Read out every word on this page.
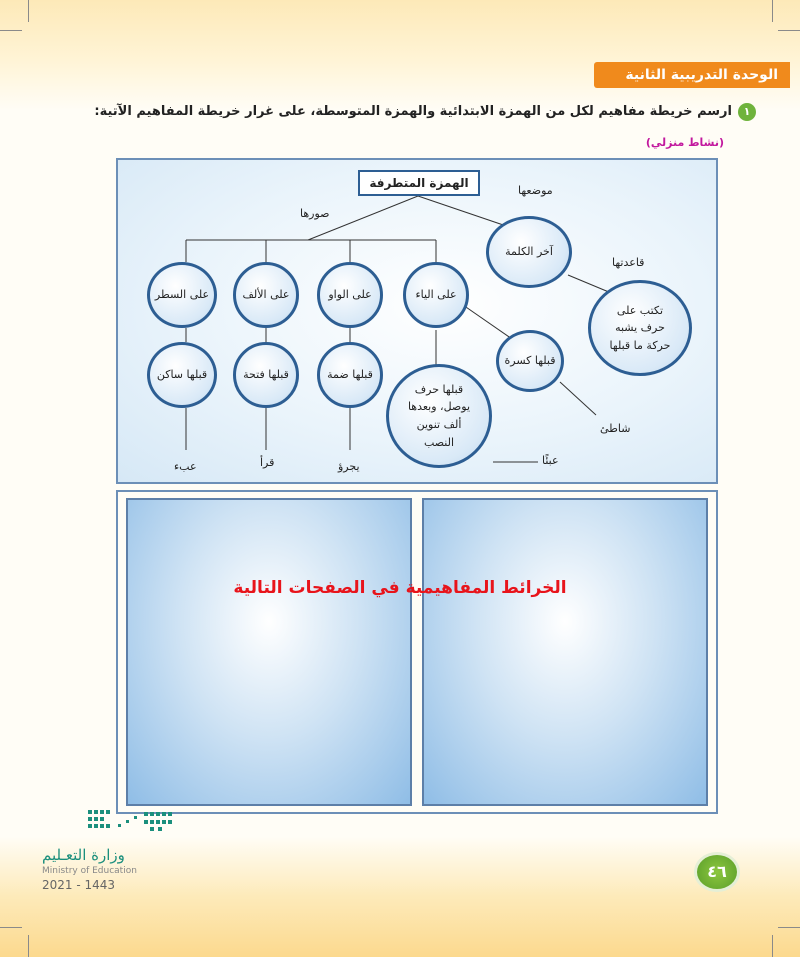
الوحدة التدريبية الثانية
١
ارسم خريطة مفاهيم لكل من الهمزة الابتدائية والهمزة المتوسطة، على غرار خريطة المفاهيم الآتية:
(نشاط منزلي)
الهمزة المتطرفة
صورها
موضعها
قاعدتها
آخر الكلمة
تكتب على حرف يشبه حركة ما قبلها
على الياء
على الواو
على الألف
على السطر
قبلها كسرة
قبلها ضمة
قبلها فتحة
قبلها ساكن
قبلها حرف يوصل، وبعدها ألف تنوين النصب
شاطئ
يجرؤ
قرأ
عبء	عبئًا
الخرائط المفاهيمية في الصفحات التالية
وزارة التعـليم
Ministry of Education
2021 - 1443
٤٦
